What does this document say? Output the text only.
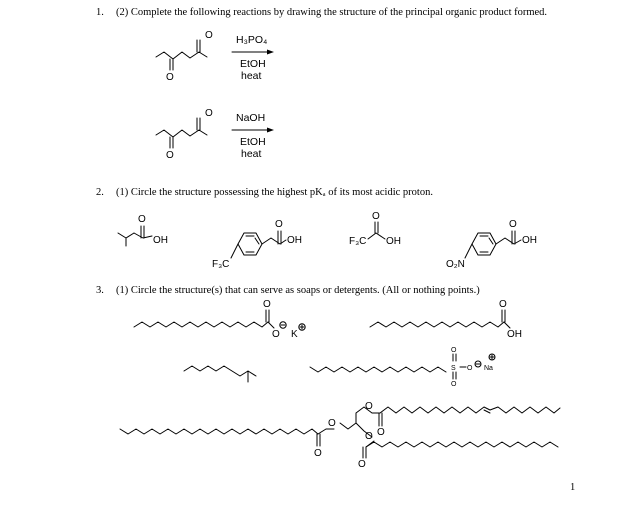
1. (2) Complete the following reactions by drawing the structure of the principal organic product formed.
2. (1) Circle the structure possessing the highest pKₐ of its most acidic proton.
3. (1) Circle the structure(s) that can serve as soaps or detergents. (All or nothing points.)
1
H₃PO₄
EtOH
heat
NaOH
EtOH
heat
O
O
O
O
O
OH
O
OH
F₃C
F₃C
O
OH
O
OH
O₂N
O
O K
O
OH
O
S
O
O Na
O
O
O
O
O
O
